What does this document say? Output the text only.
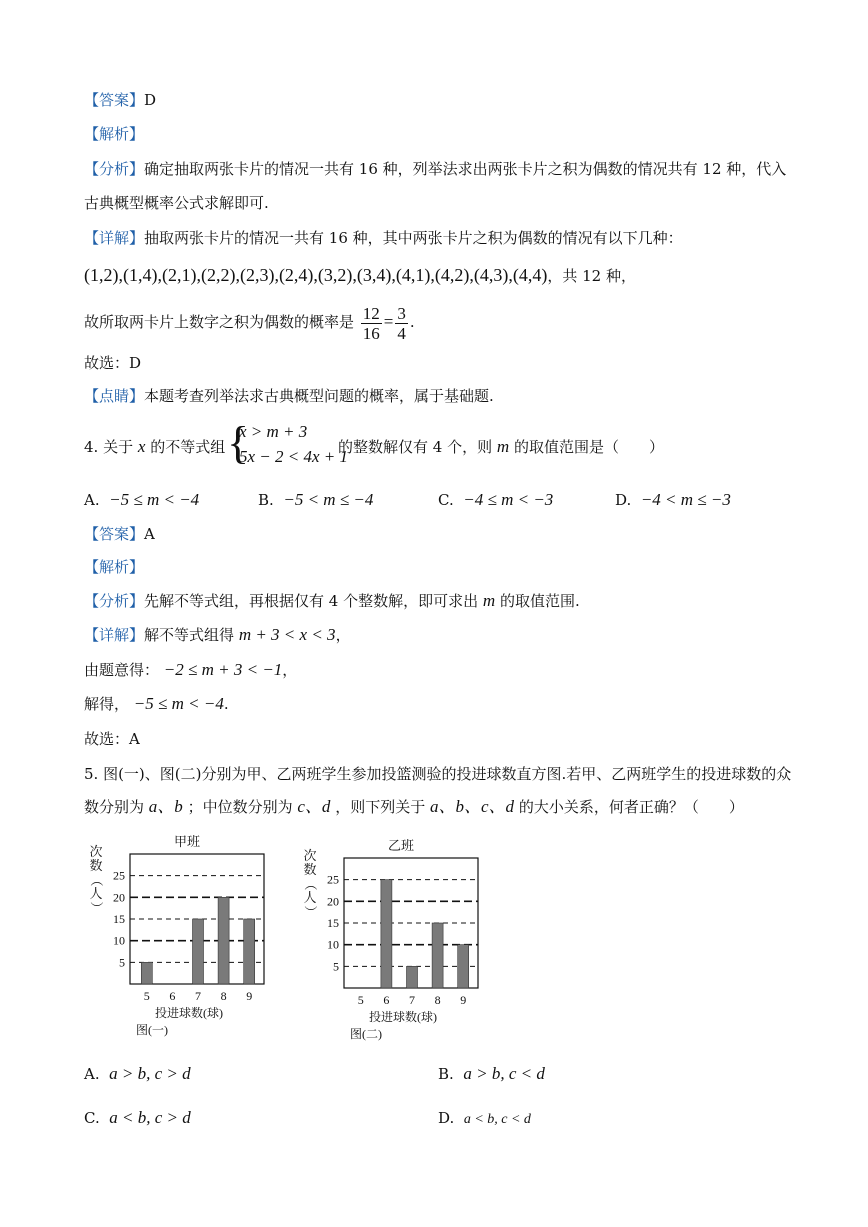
【答案】D
【解析】
【分析】确定抽取两张卡片的情况一共有 16 种，列举法求出两张卡片之积为偶数的情况共有 12 种，代入
古典概型概率公式求解即可.
【详解】抽取两张卡片的情况一共有 16 种，其中两张卡片之积为偶数的情况有以下几种：
(1,2),(1,4),(2,1),(2,2),(2,3),(2,4),(3,2),(3,4),(4,1),(4,2),(4,3),(4,4)，共 12 种，
故所取两卡片上数字之积为偶数的概率是 $\frac{12}{16} = \frac{3}{4}$ .
故选：D
【点睛】本题考查列举法求古典概型问题的概率，属于基础题.
4. 关于 x 的不等式组 {
x > m + 3
5x − 2 < 4x + 1
的整数解仅有 4 个，则 m 的取值范围是（　　）
A. −5 ≤ m < −4	B. −5 < m ≤ −4	C. −4 ≤ m < −3	D. −4 < m ≤ −3
【答案】A
【解析】
【分析】先解不等式组，再根据仅有 4 个整数解，即可求出 m 的取值范围.
【详解】解不等式组得 m + 3 < x < 3，
由题意得： −2 ≤ m + 3 < −1，
解得， −5 ≤ m < −4.
故选：A
5. 图(一)、图(二)分别为甲、乙两班学生参加投篮测验的投进球数直方图.若甲、乙两班学生的投进球数的众
数分别为 a、b ；中位数分别为 c、d ，则下列关于 a、b、c、d 的大小关系，何者正确？（　　）
甲班
5
10
15
20
25
次
数
（
人
）
5 6 7 8 9
投进球数(球)
图(一)
乙班
5
10
15
20
25
次
数
（
人
）
5 6 7 8 9
投进球数(球)
图(二)
A. a > b, c > d	B. a > b, c < d
C. a < b, c > d	D. a < b, c < d
